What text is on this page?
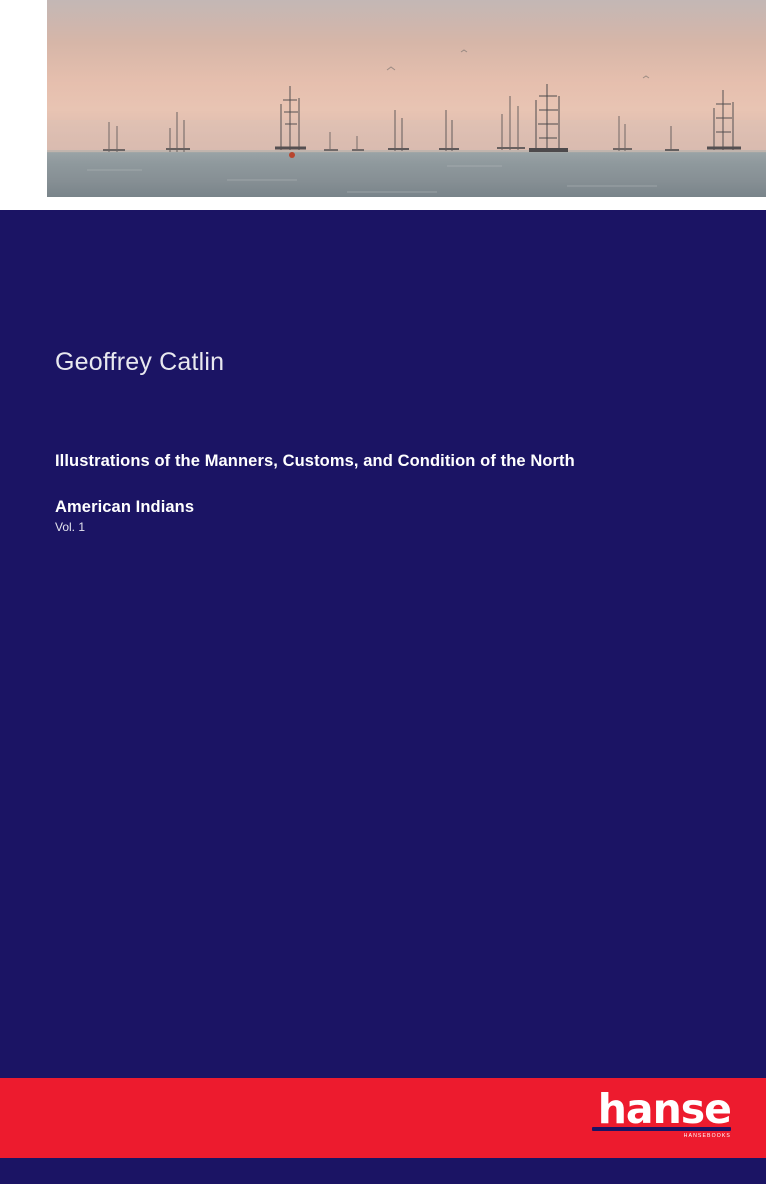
Geoffrey Catlin
Illustrations of the Manners, Customs, and Condition of the North
American Indians
Vol. 1
hanse
HANSEBOOKS
